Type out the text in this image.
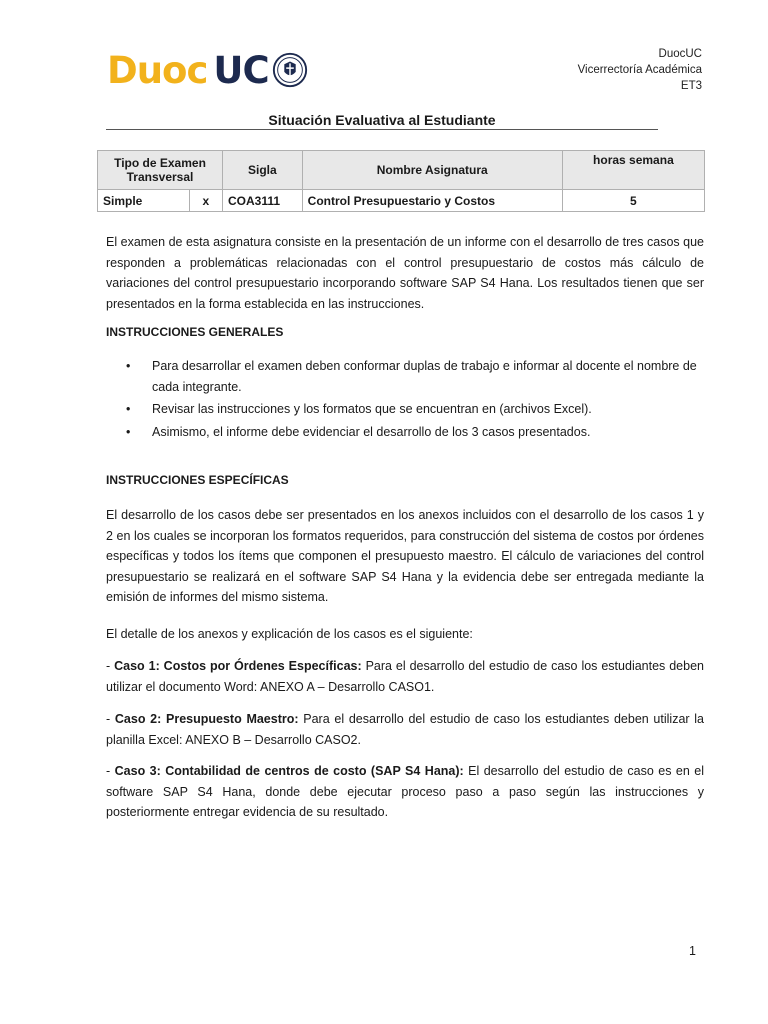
Duoc UC	DuocUC
Vicerrectoría Académica
ET3
Situación Evaluativa al Estudiante
Tipo de Examen Transversal		Sigla	Nombre Asignatura	horas semana
Simple	x	COA3111	Control Presupuestario y Costos	5
El examen de esta asignatura consiste en la presentación de un informe con el desarrollo de tres casos que responden a problemáticas relacionadas con el control presupuestario de costos más cálculo de variaciones del control presupuestario incorporando software SAP S4 Hana. Los resultados tienen que ser presentados en la forma establecida en las instrucciones.
INSTRUCCIONES GENERALES
• Para desarrollar el examen deben conformar duplas de trabajo e informar al docente el nombre de cada integrante.
• Revisar las instrucciones y los formatos que se encuentran en (archivos Excel).
• Asimismo, el informe debe evidenciar el desarrollo de los 3 casos presentados.
INSTRUCCIONES ESPECÍFICAS
El desarrollo de los casos debe ser presentados en los anexos incluidos con el desarrollo de los casos 1 y 2 en los cuales se incorporan los formatos requeridos, para construcción del sistema de costos por órdenes específicas y todos los ítems que componen el presupuesto maestro. El cálculo de variaciones del control presupuestario se realizará en el software SAP S4 Hana y la evidencia debe ser entregada mediante la emisión de informes del mismo sistema.
El detalle de los anexos y explicación de los casos es el siguiente:
- Caso 1: Costos por Órdenes Específicas: Para el desarrollo del estudio de caso los estudiantes deben utilizar el documento Word: ANEXO A – Desarrollo CASO1.
- Caso 2: Presupuesto Maestro: Para el desarrollo del estudio de caso los estudiantes deben utilizar la planilla Excel: ANEXO B – Desarrollo CASO2.
- Caso 3: Contabilidad de centros de costo (SAP S4 Hana): El desarrollo del estudio de caso es en el software SAP S4 Hana, donde debe ejecutar proceso paso a paso según las instrucciones y posteriormente entregar evidencia de su resultado.
1
